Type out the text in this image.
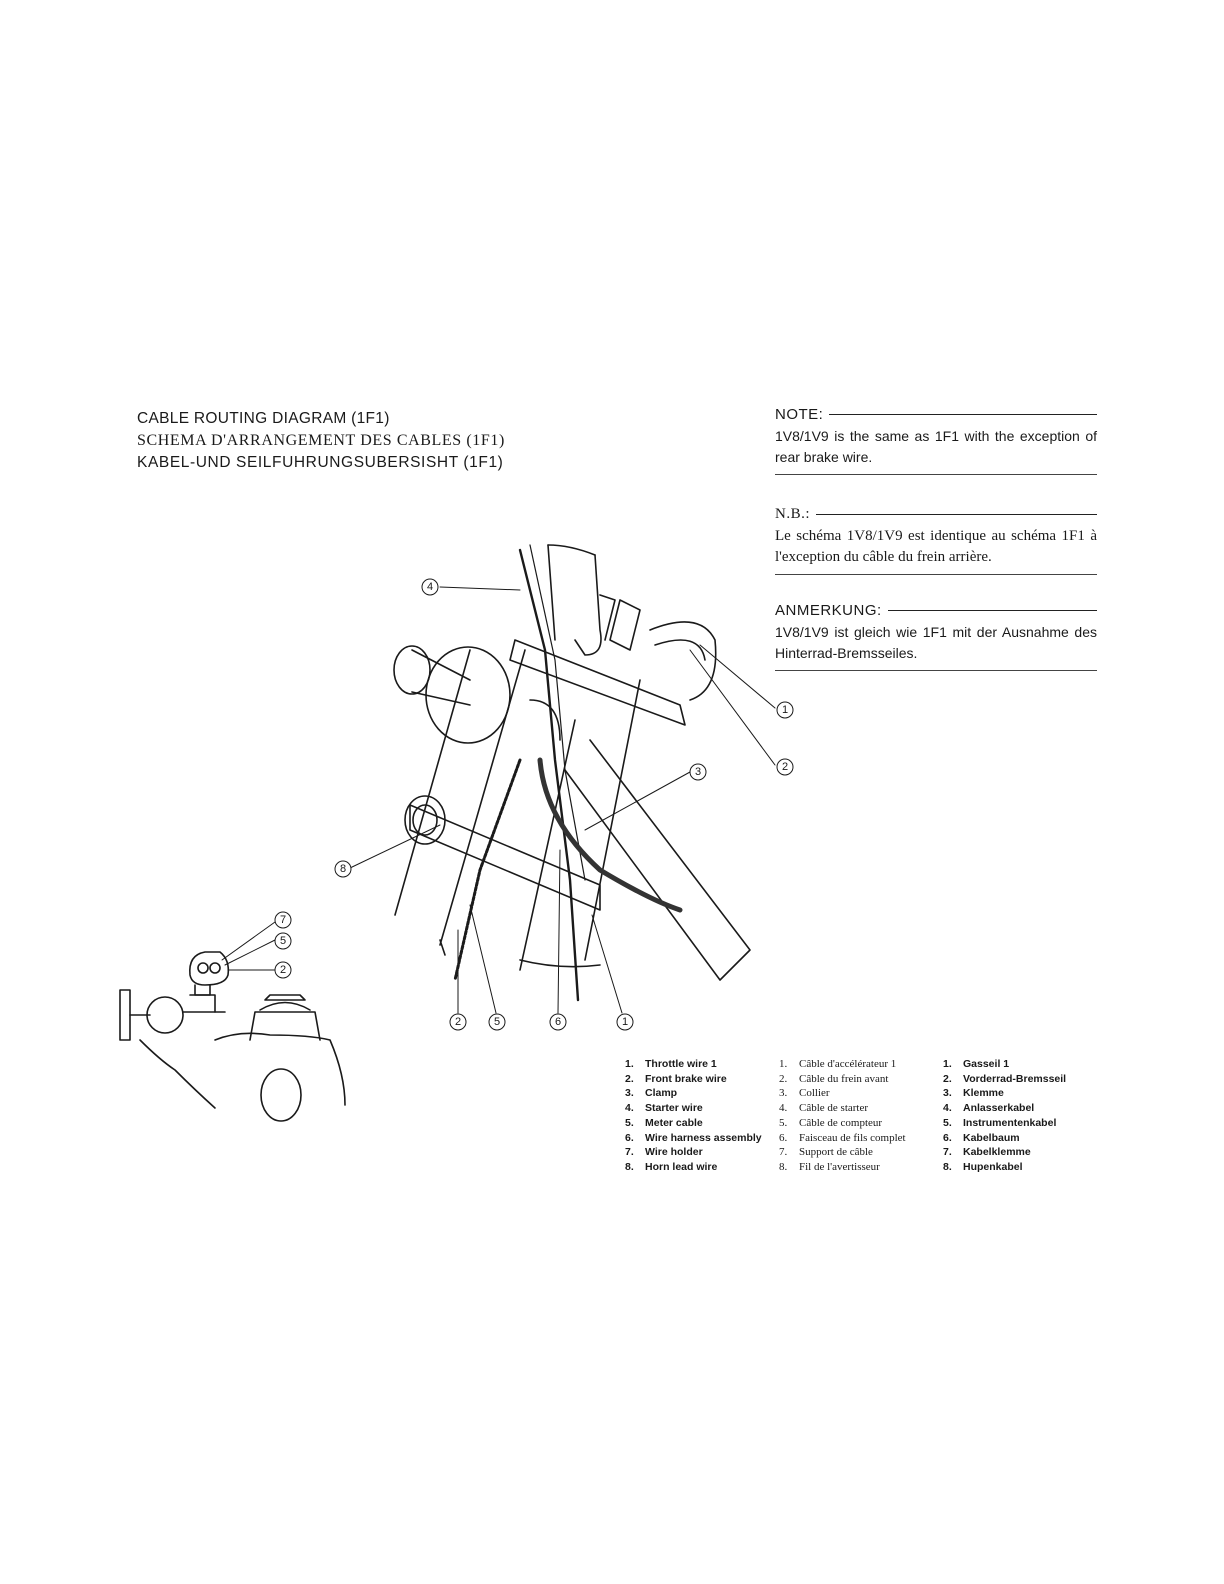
CABLE ROUTING DIAGRAM (1F1)
SCHEMA D'ARRANGEMENT DES CABLES (1F1)
KABEL-UND SEILFUHRUNGSUBERSISHT (1F1)
NOTE:
1V8/1V9 is the same as 1F1 with the exception of rear brake wire.
N.B.:
Le schéma 1V8/1V9 est identique au schéma 1F1 à l'exception du câble du frein arrière.
ANMERKUNG:
1V8/1V9 ist gleich wie 1F1 mit der Ausnahme des Hinterrad-Bremsseiles.
4
1
2
3
8
2	5	6	1
7
5
2
1.	Throttle wire 1
2.	Front brake wire
3.	Clamp
4.	Starter wire
5.	Meter cable
6.	Wire harness assembly
7.	Wire holder
8.	Horn lead wire
1.	Câble d'accélérateur 1
2.	Câble du frein avant
3.	Collier
4.	Câble de starter
5.	Câble de compteur
6.	Faisceau de fils complet
7.	Support de câble
8.	Fil de l'avertisseur
1.	Gasseil 1
2.	Vorderrad-Bremsseil
3.	Klemme
4.	Anlasserkabel
5.	Instrumentenkabel
6.	Kabelbaum
7.	Kabelklemme
8.	Hupenkabel
